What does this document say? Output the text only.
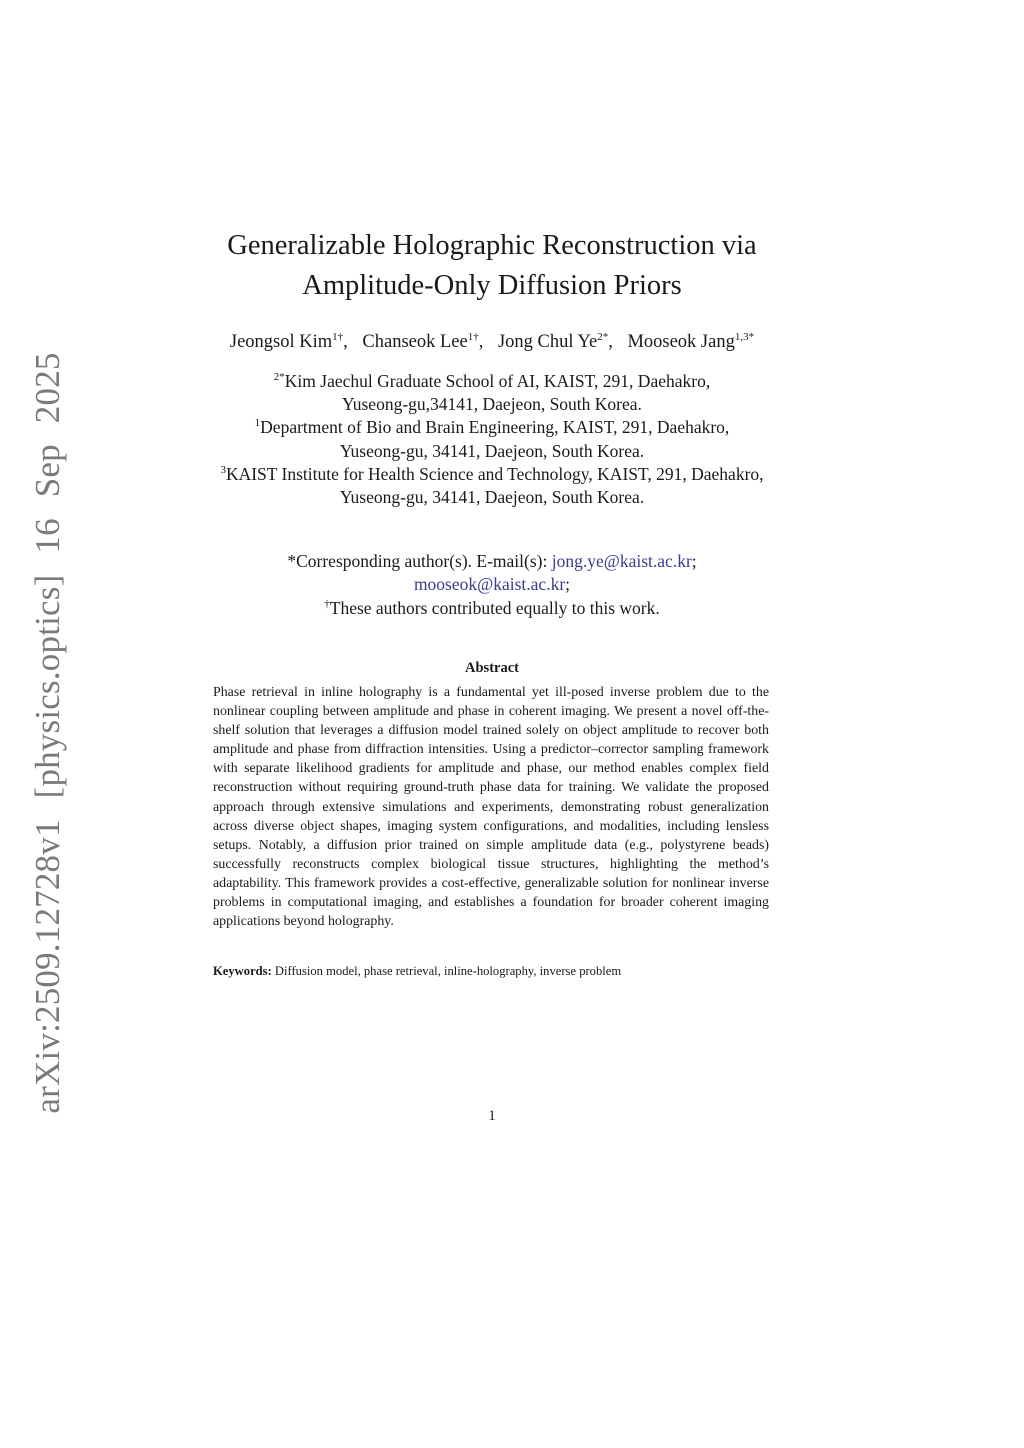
arXiv:2509.12728v1 [physics.optics] 16 Sep 2025
Generalizable Holographic Reconstruction via
Amplitude-Only Diffusion Priors
Jeongsol Kim$^{1\dagger}$, Chanseok Lee$^{1\dagger}$, Jong Chul $Ye^{2*}$, Mooseok Jang$^{1,3*}$
$^{2*}$Kim Jaechul Graduate School of AI, KAIST, 291, Daehakro,
Yuseong-gu,34141, Daejeon, South Korea.
$^1$Department of Bio and Brain Engineering, KAIST, 291, Daehakro,
Yuseong-gu, 34141, Daejeon, South Korea.
$^3$KAIST Institute for Health Science and Technology, KAIST, 291, Daehakro,
Yuseong-gu, 34141, Daejeon, South Korea.
*Corresponding author(s). E-mail(s): jong.ye@kaist.ac.kr;
mooseok@kaist.ac.kr;
†These authors contributed equally to this work.
Abstract
Phase retrieval in inline holography is a fundamental yet ill-posed inverse problem due to the nonlinear coupling between amplitude and phase in coherent imaging. We present a novel off-the-shelf solution that leverages a diffusion model trained solely on object amplitude to recover both amplitude and phase from diffraction intensities. Using a predictor–corrector sampling framework with separate likelihood gradients for amplitude and phase, our method enables complex field reconstruction without requiring ground-truth phase data for training. We validate the proposed approach through extensive simulations and experiments, demonstrating robust generalization across diverse object shapes, imaging system configurations, and modalities, including lensless setups. Notably, a diffusion prior trained on simple amplitude data (e.g., polystyrene beads) successfully reconstructs complex biological tissue structures, highlighting the method’s adaptability. This framework provides a cost-effective, generalizable solution for nonlinear inverse problems in computational imaging, and establishes a foundation for broader coherent imaging applications beyond holography.
Keywords: Diffusion model, phase retrieval, inline-holography, inverse problem
1
